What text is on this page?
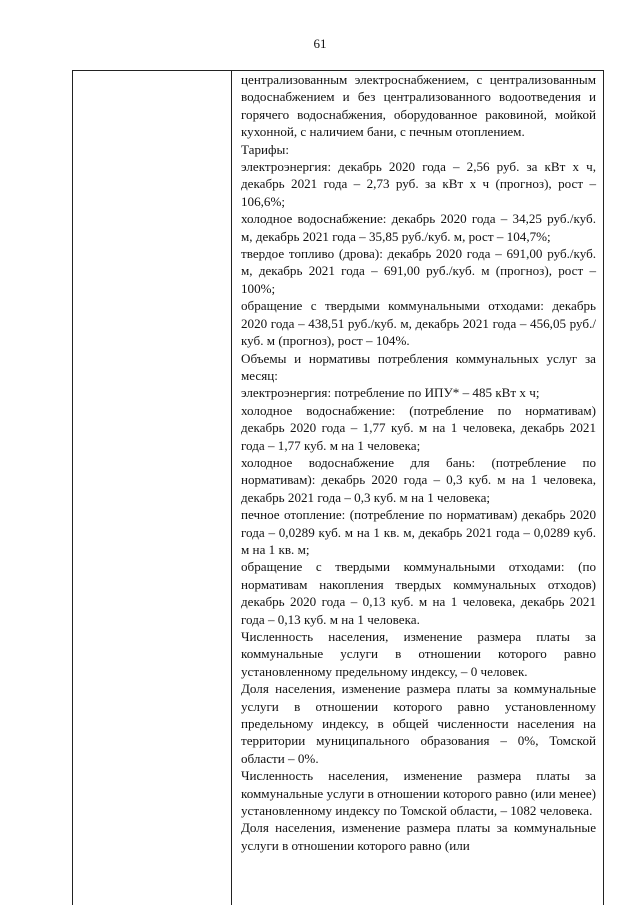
61

централизованным электроснабжением, с централизованным водоснабжением и без централизованного водоотведения и горячего водоснабжения, оборудованное раковиной, мойкой кухонной, с наличием бани, с печным отоплением.

Тарифы:

электроэнергия: декабрь 2020 года – 2,56 руб. за кВт х ч, декабрь 2021 года – 2,73 руб. за кВт х ч (прогноз), рост – 106,6%;

холодное водоснабжение: декабрь 2020 года – 34,25 руб./куб. м, декабрь 2021 года – 35,85 руб./куб. м, рост – 104,7%;

твердое топливо (дрова): декабрь 2020 года – 691,00 руб./куб. м, декабрь 2021 года – 691,00 руб./куб. м (прогноз), рост – 100%;

обращение с твердыми коммунальными отходами: декабрь 2020 года – 438,51 руб./куб. м, декабрь 2021 года – 456,05 руб./куб. м (прогноз), рост – 104%.

Объемы и нормативы потребления коммунальных услуг за месяц:

электроэнергия: потребление по ИПУ* – 485 кВт х ч;

холодное водоснабжение: (потребление по нормативам) декабрь 2020 года – 1,77 куб. м на 1 человека, декабрь 2021 года – 1,77 куб. м на 1 человека;

холодное водоснабжение для бань: (потребление по нормативам): декабрь 2020 года – 0,3 куб. м на 1 человека, декабрь 2021 года – 0,3 куб. м на 1 человека;

печное отопление: (потребление по нормативам) декабрь 2020 года – 0,0289 куб. м на 1 кв. м, декабрь 2021 года – 0,0289 куб. м на 1 кв. м;

обращение с твердыми коммунальными отходами: (по нормативам накопления твердых коммунальных отходов) декабрь 2020 года – 0,13 куб. м на 1 человека, декабрь 2021 года – 0,13 куб. м на 1 человека.

Численность населения, изменение размера платы за коммунальные услуги в отношении которого равно установленному предельному индексу, – 0 человек.

Доля населения, изменение размера платы за коммунальные услуги в отношении которого равно установленному предельному индексу, в общей численности населения на территории муниципального образования – 0%, Томской области – 0%.

Численность населения, изменение размера платы за коммунальные услуги в отношении которого равно (или менее) установленному индексу по Томской области, – 1082 человека.

Доля населения, изменение размера платы за коммунальные услуги в отношении которого равно (или
